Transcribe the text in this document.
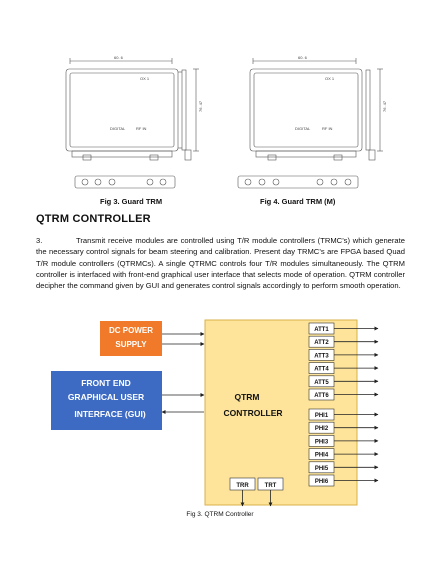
60. 6	60. 6
OX 1	OX 1
DIGITAL	RF IN	DIGITAL	RF IN
76. 47	76. 47
Fig 3. Guard TRM	Fig 4. Guard TRM (M)
QTRM CONTROLLER
3.	Transmit receive modules are controlled using T/R module controllers (TRMC’s) which generate the necessary control signals for beam steering and calibration. Present day TRMC’s are FPGA based Quad T/R module controllers (QTRMCs). A single QTRMC controls four T/R modules simultaneously. The QTRM controller is interfaced with front-end graphical user interface that selects mode of operation. QTRM controller decipher the command given by GUI and generates control signals accordingly to perform smooth operation.
DC POWER
SUPPLY
FRONT END
GRAPHICAL USER
INTERFACE (GUI)
QTRM
CONTROLLER
ATT1
ATT2
ATT3
ATT4
ATT5
ATT6
PHI1
PHI2
PHI3
PHI4
PHI5
PHI6
TRR	TRT
Fig 3. QTRM Controller
